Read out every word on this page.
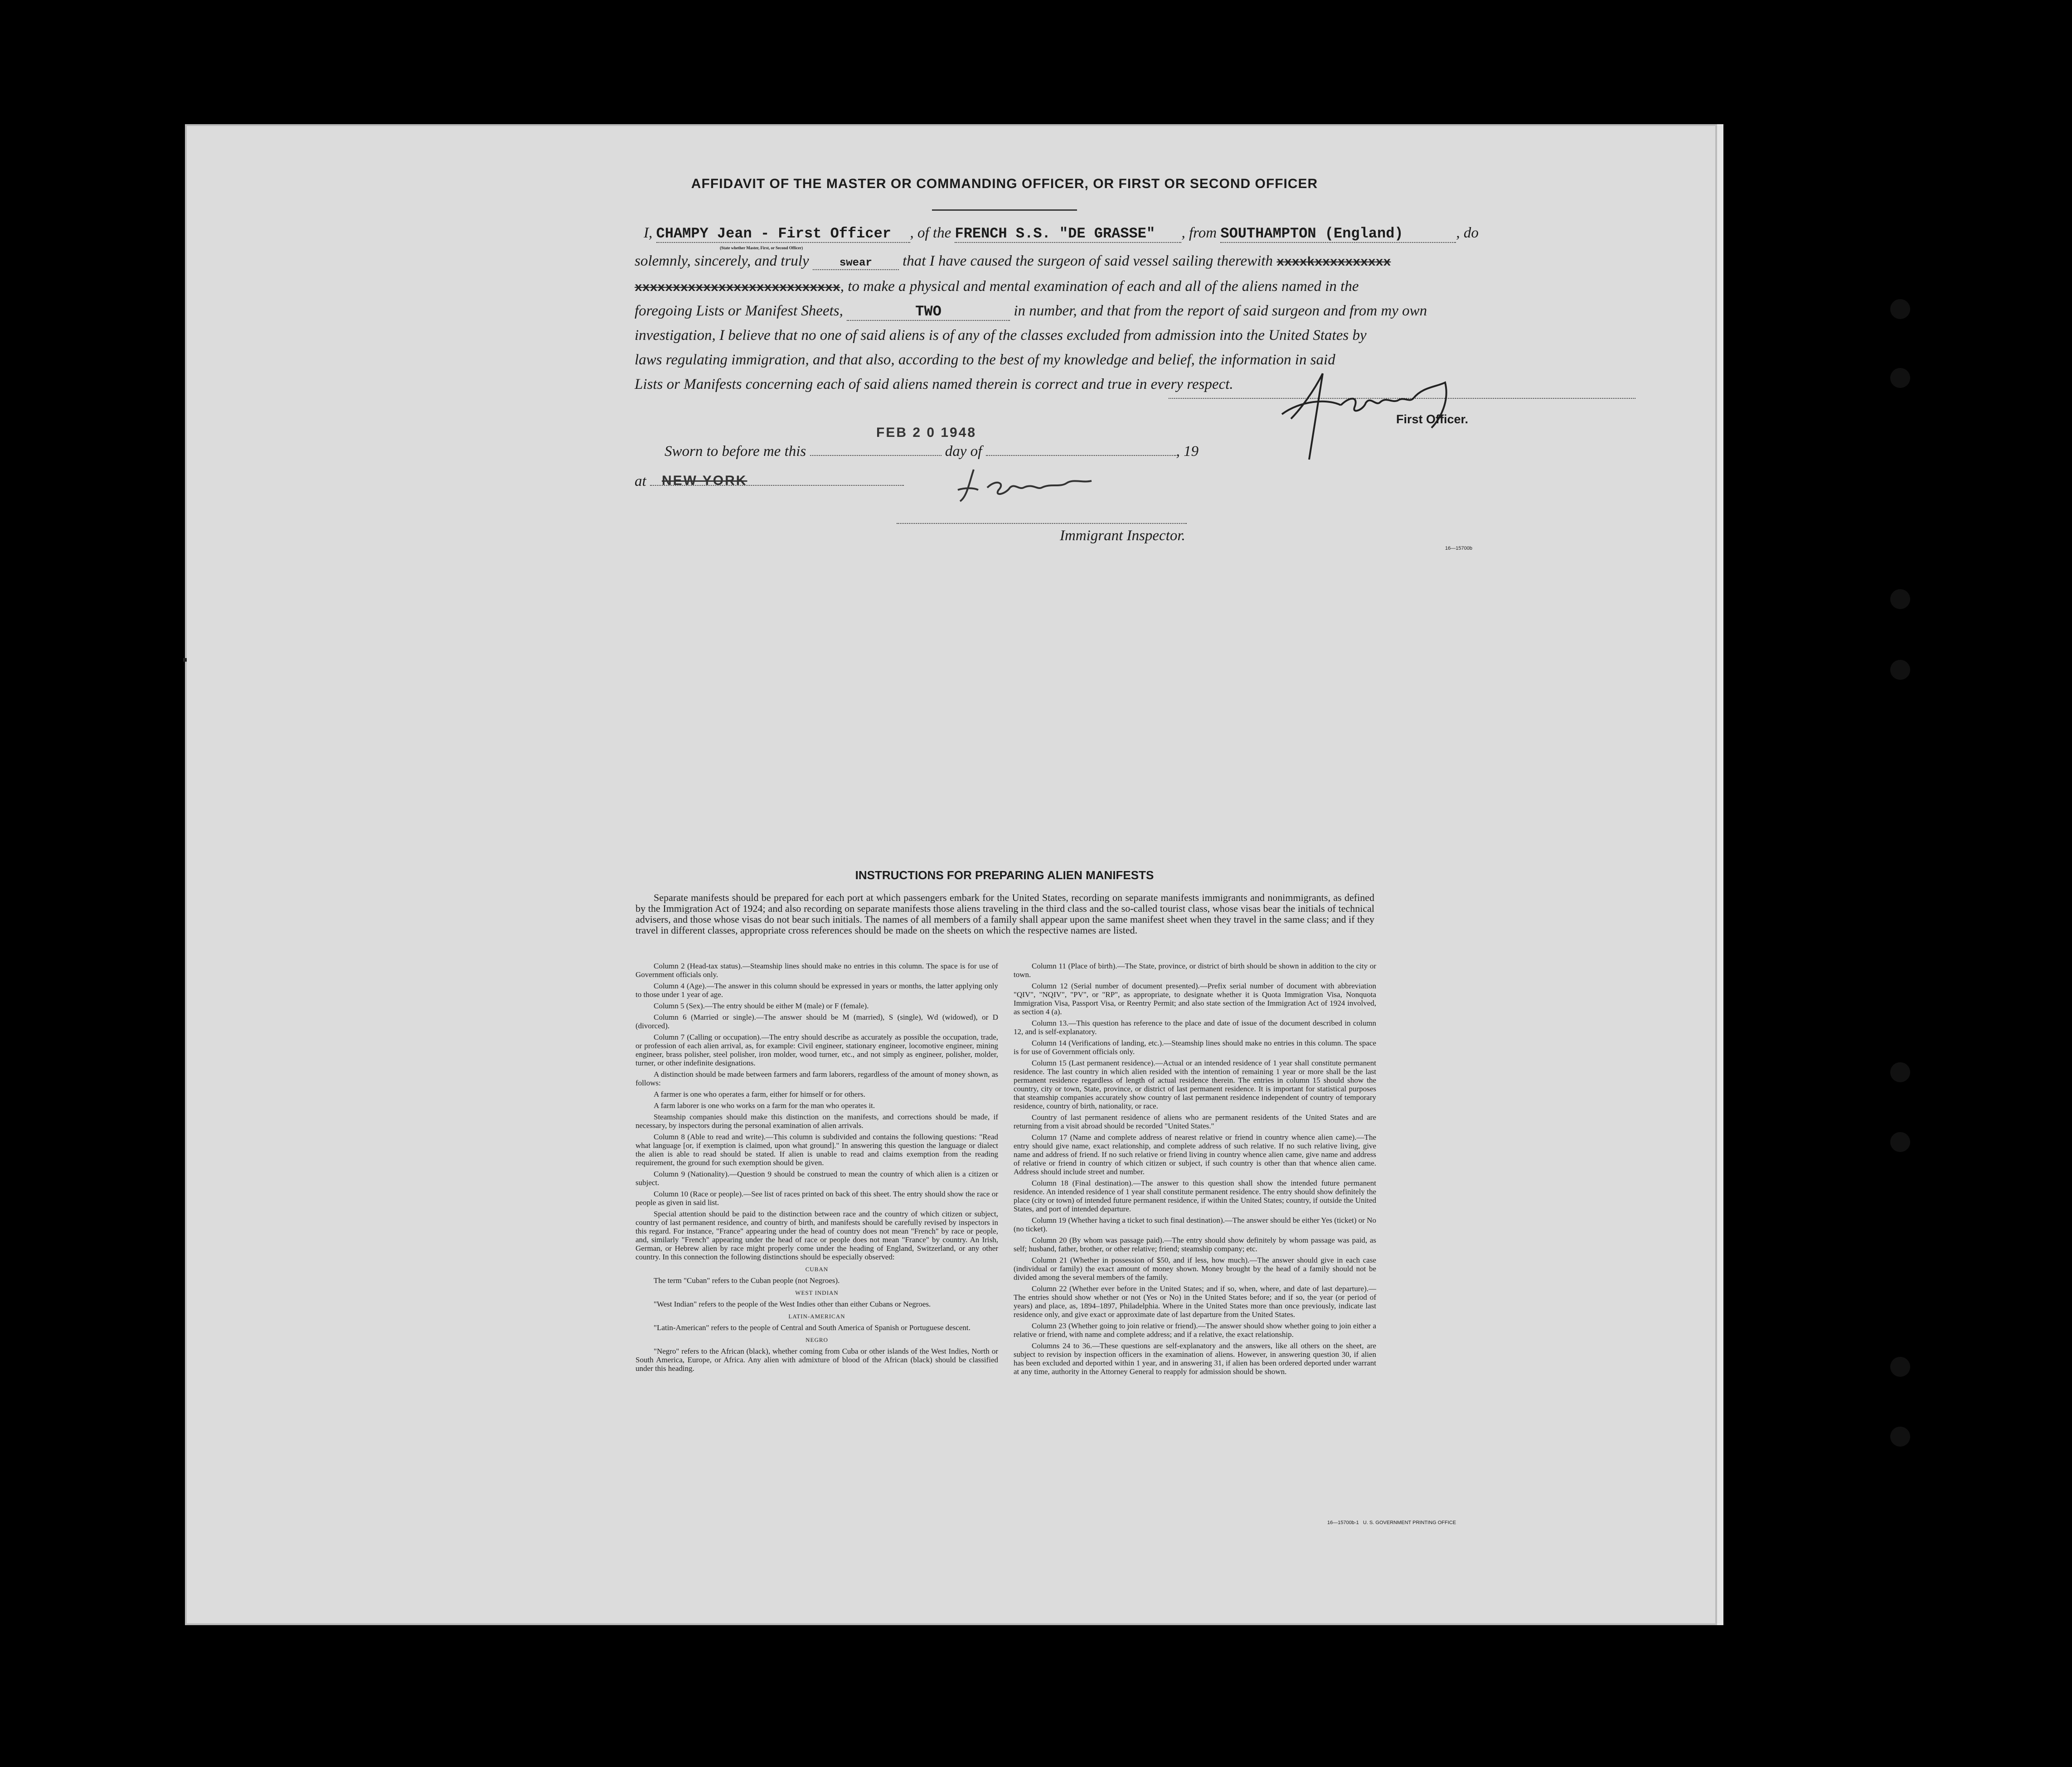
AFFIDAVIT OF THE MASTER OR COMMANDING OFFICER, OR FIRST OR SECOND OFFICER
I, CHAMPY Jean - First Officer , of the FRENCH S.S. "DE GRASSE" , from SOUTHAMPTON (England)	, do
(State whether Master, First, or Second Officer)
solemnly, sincerely, and truly	swear that I have caused the surgeon of said vessel sailing therewith xxxxkxxxxxxxxxx
xxxxxxxxxxxxxxxxxxxxxxxxxxx, to make a physical and mental examination of each and all of the aliens named in the
foregoing Lists or Manifest Sheets,	TWO	in number, and that from the report of said surgeon and from my own
investigation, I believe that no one of said aliens is of any of the classes excluded from admission into the United States by
laws regulating immigration, and that also, according to the best of my knowledge and belief, the information in said
Lists or Manifests concerning each of said aliens named therein is correct and true in every respect.
First Officer.
Sworn to before me this	day of	, 19
FEB 2 0 1948
at	NEW YORK
Immigrant Inspector.
16—15700b
INSTRUCTIONS FOR PREPARING ALIEN MANIFESTS
Separate manifests should be prepared for each port at which passengers embark for the United States, recording on separate manifests immigrants and nonimmigrants, as defined by the Immigration Act of 1924; and also recording on separate manifests those aliens traveling in the third class and the so-called tourist class, whose visas bear the initials of technical advisers, and those whose visas do not bear such initials. The names of all members of a family shall appear upon the same manifest sheet when they travel in the same class; and if they travel in different classes, appropriate cross references should be made on the sheets on which the respective names are listed.

Column 2 (Head-tax status).—Steamship lines should make no entries in this column. The space is for use of Government officials only.

Column 4 (Age).—The answer in this column should be expressed in years or months, the latter applying only to those under 1 year of age.

Column 5 (Sex).—The entry should be either M (male) or F (female).

Column 6 (Married or single).—The answer should be M (married), S (single), Wd (widowed), or D (divorced).

Column 7 (Calling or occupation).—The entry should describe as accurately as possible the occupation, trade, or profession of each alien arrival, as, for example: Civil engineer, stationary engineer, locomotive engineer, mining engineer, brass polisher, steel polisher, iron molder, wood turner, etc., and not simply as engineer, polisher, molder, turner, or other indefinite designations.

A distinction should be made between farmers and farm laborers, regardless of the amount of money shown, as follows:

A farmer is one who operates a farm, either for himself or for others.

A farm laborer is one who works on a farm for the man who operates it.

Steamship companies should make this distinction on the manifests, and corrections should be made, if necessary, by inspectors during the personal examination of alien arrivals.

Column 8 (Able to read and write).—This column is subdivided and contains the following questions: "Read what language [or, if exemption is claimed, upon what ground]." In answering this question the language or dialect the alien is able to read should be stated. If alien is unable to read and claims exemption from the reading requirement, the ground for such exemption should be given.

Column 9 (Nationality).—Question 9 should be construed to mean the country of which alien is a citizen or subject.

Column 10 (Race or people).—See list of races printed on back of this sheet. The entry should show the race or people as given in said list.

Special attention should be paid to the distinction between race and the country of which citizen or subject, country of last permanent residence, and country of birth, and manifests should be carefully revised by inspectors in this regard. For instance, "France" appearing under the head of country does not mean "French" by race or people, and, similarly "French" appearing under the head of race or people does not mean "France" by country. An Irish, German, or Hebrew alien by race might properly come under the heading of England, Switzerland, or any other country. In this connection the following distinctions should be especially observed:

CUBAN

The term "Cuban" refers to the Cuban people (not Negroes).

WEST INDIAN

"West Indian" refers to the people of the West Indies other than either Cubans or Negroes.

LATIN-AMERICAN

"Latin-American" refers to the people of Central and South America of Spanish or Portuguese descent.

NEGRO

"Negro" refers to the African (black), whether coming from Cuba or other islands of the West Indies, North or South America, Europe, or Africa. Any alien with admixture of blood of the African (black) should be classified under this heading.

Column 11 (Place of birth).—The State, province, or district of birth should be shown in addition to the city or town.

Column 12 (Serial number of document presented).—Prefix serial number of document with abbreviation "QIV", "NQIV", "PV", or "RP", as appropriate, to designate whether it is Quota Immigration Visa, Nonquota Immigration Visa, Passport Visa, or Reentry Permit; and also state section of the Immigration Act of 1924 involved, as section 4 (a).

Column 13.—This question has reference to the place and date of issue of the document described in column 12, and is self-explanatory.

Column 14 (Verifications of landing, etc.).—Steamship lines should make no entries in this column. The space is for use of Government officials only.

Column 15 (Last permanent residence).—Actual or an intended residence of 1 year shall constitute permanent residence. The last country in which alien resided with the intention of remaining 1 year or more shall be the last permanent residence regardless of length of actual residence therein. The entries in column 15 should show the country, city or town, State, province, or district of last permanent residence. It is important for statistical purposes that steamship companies accurately show country of last permanent residence independent of country of temporary residence, country of birth, nationality, or race.

Country of last permanent residence of aliens who are permanent residents of the United States and are returning from a visit abroad should be recorded "United States."

Column 17 (Name and complete address of nearest relative or friend in country whence alien came).—The entry should give name, exact relationship, and complete address of such relative. If no such relative living, give name and address of friend. If no such relative or friend living in country whence alien came, give name and address of relative or friend in country of which citizen or subject, if such country is other than that whence alien came. Address should include street and number.

Column 18 (Final destination).—The answer to this question shall show the intended future permanent residence. An intended residence of 1 year shall constitute permanent residence. The entry should show definitely the place (city or town) of intended future permanent residence, if within the United States; country, if outside the United States, and port of intended departure.

Column 19 (Whether having a ticket to such final destination).—The answer should be either Yes (ticket) or No (no ticket).

Column 20 (By whom was passage paid).—The entry should show definitely by whom passage was paid, as self; husband, father, brother, or other relative; friend; steamship company; etc.

Column 21 (Whether in possession of $50, and if less, how much).—The answer should give in each case (individual or family) the exact amount of money shown. Money brought by the head of a family should not be divided among the several members of the family.

Column 22 (Whether ever before in the United States; and if so, when, where, and date of last departure).—The entries should show whether or not (Yes or No) in the United States before; and if so, the year (or period of years) and place, as, 1894–1897, Philadelphia. Where in the United States more than once previously, indicate last residence only, and give exact or approximate date of last departure from the United States.

Column 23 (Whether going to join relative or friend).—The answer should show whether going to join either a relative or friend, with name and complete address; and if a relative, the exact relationship.

Columns 24 to 36.—These questions are self-explanatory and the answers, like all others on the sheet, are subject to revision by inspection officers in the examination of aliens. However, in answering question 30, if alien has been excluded and deported within 1 year, and in answering 31, if alien has been ordered deported under warrant at any time, authority in the Attorney General to reapply for admission should be shown.

16—15700b-1 U. S. GOVERNMENT PRINTING OFFICE
